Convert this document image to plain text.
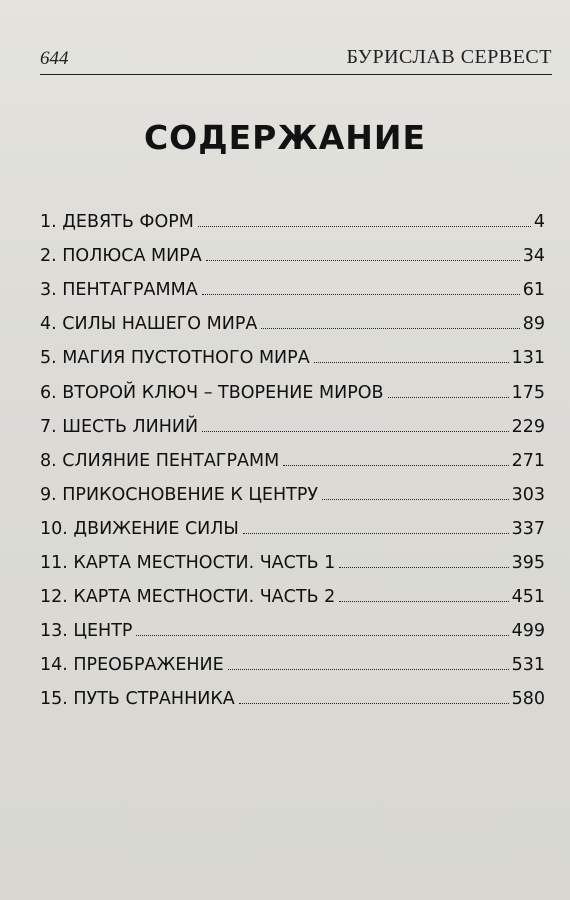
644	БУРИСЛАВ СЕРВЕСТ
СОДЕРЖАНИЕ
1. ДЕВЯТЬ ФОРМ	4
2. ПОЛЮСА МИРА	34
3. ПЕНТАГРАММА	61
4. СИЛЫ НАШЕГО МИРА	89
5. МАГИЯ ПУСТОТНОГО МИРА	131
6. ВТОРОЙ КЛЮЧ – ТВОРЕНИЕ МИРОВ	175
7. ШЕСТЬ ЛИНИЙ	229
8. СЛИЯНИЕ ПЕНТАГРАММ	271
9. ПРИКОСНОВЕНИЕ К ЦЕНТРУ	303
10. ДВИЖЕНИЕ СИЛЫ	337
11. КАРТА МЕСТНОСТИ. ЧАСТЬ 1	395
12. КАРТА МЕСТНОСТИ. ЧАСТЬ 2	451
13. ЦЕНТР	499
14. ПРЕОБРАЖЕНИЕ	531
15. ПУТЬ СТРАННИКА	580
